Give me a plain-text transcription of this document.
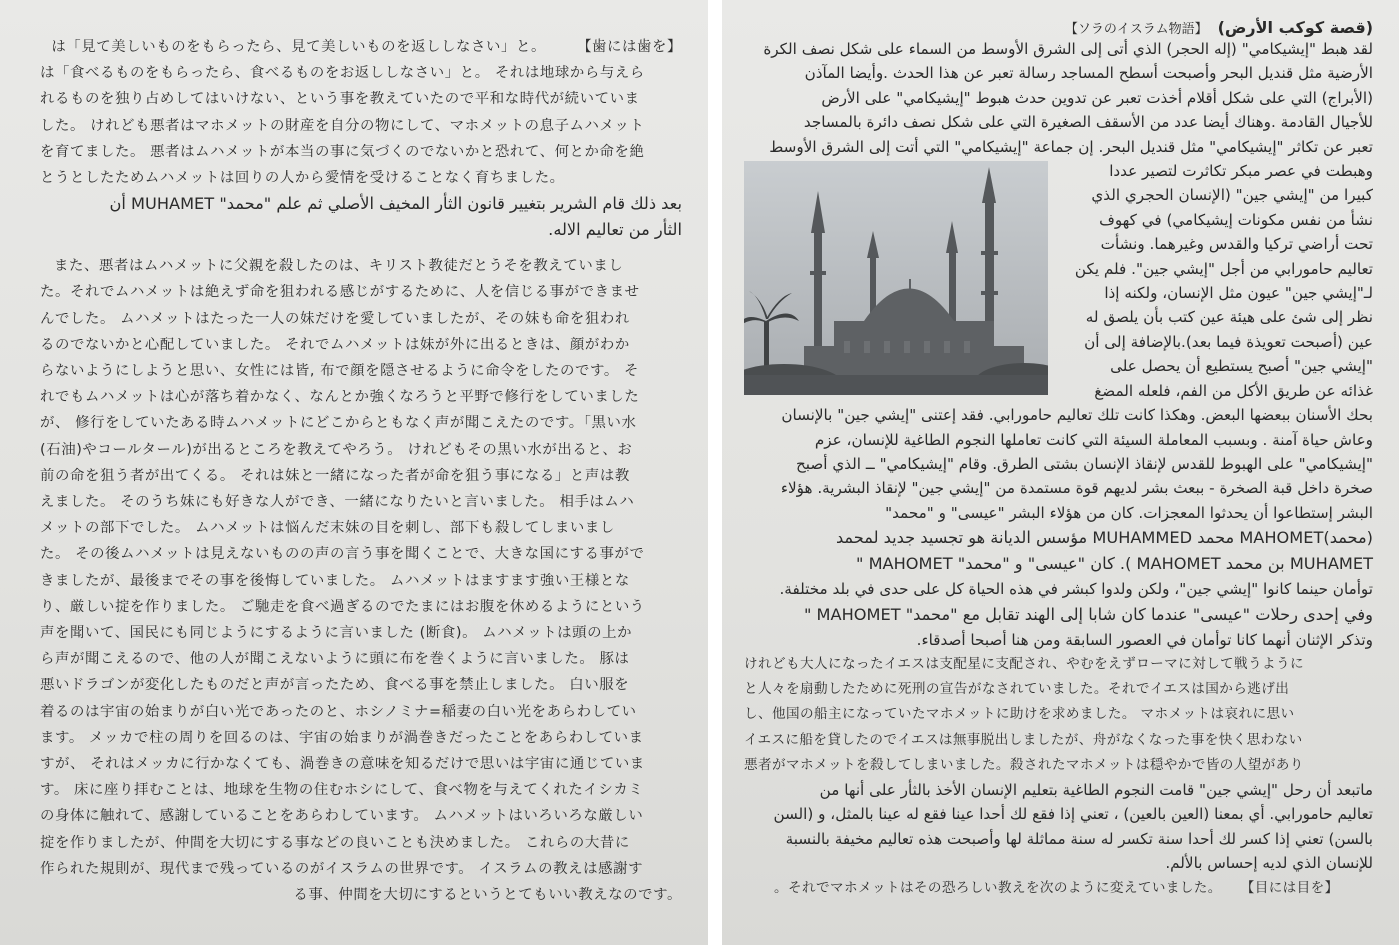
は「見て美しいものをもらったら、見て美しいものを返ししなさい」と。 【歯には歯を】
は「食べるものをもらったら、食べるものをお返ししなさい」と。 それは地球から与えら
れるものを独り占めしてはいけない、という事を教えていたので平和な時代が続いていま
した。 けれども悪者はマホメットの財産を自分の物にして、マホメットの息子ムハメット
を育てました。 悪者はムハメットが本当の事に気づくのでないかと恐れて、何とか命を絶
とうとしたためムハメットは回りの人から愛情を受けることなく育ちました。
بعد ذلك قام الشرير بتغيير قانون الثأر المخيف الأصلي ثم علم "محمد" MUHAMET أن
الثأر من تعاليم الاله.
また、悪者はムハメットに父親を殺したのは、キリスト教徒だとうそを教えていまし
た。それでムハメットは絶えず命を狙われる感じがするために、人を信じる事ができませ
んでした。 ムハメットはたった一人の妹だけを愛していましたが、その妹も命を狙われ
るのでないかと心配していました。 それでムハメットは妹が外に出るときは、顔がわか
らないようにしようと思い、女性には皆, 布で顔を隠させるように命令をしたのです。 そ
れでもムハメットは心が落ち着かなく、なんとか強くなろうと平野で修行をしていました
が、 修行をしていたある時ムハメットにどこからともなく声が聞こえたのです。「黒い水
(石油)やコールタール)が出るところを教えてやろう。 けれどもその黒い水が出ると、お
前の命を狙う者が出てくる。 それは妹と一緒になった者が命を狙う事になる」と声は教
えました。 そのうち妹にも好きな人ができ、一緒になりたいと言いました。 相手はムハ
メットの部下でした。 ムハメットは悩んだ末妹の目を刺し、部下も殺してしまいまし
た。 その後ムハメットは見えないものの声の言う事を聞くことで、大きな国にする事がで
きましたが、最後までその事を後悔していました。 ムハメットはますます強い王様とな
り、厳しい掟を作りました。 ご馳走を食べ過ぎるのでたまにはお腹を休めるようにという
声を聞いて、国民にも同じようにするように言いました (断食)。 ムハメットは頭の上か
ら声が聞こえるので、他の人が聞こえないように頭に布を巻くように言いました。 豚は
悪いドラゴンが変化したものだと声が言ったため、食べる事を禁止しました。 白い服を
着るのは宇宙の始まりが白い光であったのと、ホシノミナ=稲妻の白い光をあらわしてい
ます。 メッカで柱の周りを回るのは、宇宙の始まりが渦巻きだったことをあらわしていま
すが、 それはメッカに行かなくても、渦巻きの意味を知るだけで思いは宇宙に通じていま
す。 床に座り拝むことは、地球を生物の住むホシにして、食べ物を与えてくれたイシカミ
の身体に触れて、感謝していることをあらわしています。 ムハメットはいろいろな厳しい
掟を作りましたが、仲間を大切にする事などの良いことも決めました。 これらの大昔に
作られた規則が、現代まで残っているのがイスラムの世界です。 イスラムの教えは感謝す
る事、仲間を大切にするというとてもいい教えなのです。
(قصة كوكب الأرض)
【ソラのイスラム物語】
لقد هبط "إيشيكامي" (إله الحجر) الذي أتى إلى الشرق الأوسط من السماء على شكل نصف الكرة
الأرضية مثل قنديل البحر وأصبحت أسطح المساجد رسالة تعبر عن هذا الحدث .وأيضا المآذن
(الأبراج) التي على شكل أقلام أخذت تعبر عن تدوين حدث هبوط "إيشيكامي" على الأرض
للأجيال القادمة .وهناك أيضا عدد من الأسقف الصغيرة التي على شكل نصف دائرة بالمساجد
تعبر عن تكاثر "إيشيكامي" مثل قنديل البحر. إن جماعة "إيشيكامي" التي أتت إلى الشرق الأوسط
وهبطت في عصر مبكر تكاثرت لتصير عددا
كبيرا من "إيشي جين" (الإنسان الحجري الذي
نشأ من نفس مكونات إيشيكامي) في كهوف
تحت أراضي تركيا والقدس وغيرهما. ونشأت
تعاليم حامورابي من أجل "إيشي جين". فلم يكن
لـ"إيشي جين" عيون مثل الإنسان، ولكنه إذا
نظر إلى شئ على هيئة عين كتب بأن يلصق له
عين (أصبحت تعويذة فيما بعد).بالإضافة إلى أن
"إيشي جين" أصبح يستطيع أن يحصل على
غذائه عن طريق الأكل من الفم، فلعله المضغ
بحك الأسنان ببعضها البعض. وهكذا كانت تلك تعاليم حامورابي. فقد إعتنى "إيشي جين" بالإنسان
وعاش حياة آمنة . وبسبب المعاملة السيئة التي كانت تعاملها النجوم الطاغية للإنسان، عزم
"إيشيكامي" على الهبوط للقدس لإنقاذ الإنسان بشتى الطرق. وقام "إيشيكامي" ــ الذي أصبح
صخرة داخل قبة الصخرة - ببعث بشر لديهم قوة مستمدة من "إيشي جين" لإنقاذ البشرية. هؤلاء
البشر إستطاعوا أن يحدثوا المعجزات. كان من هؤلاء البشر "عيسى" و "محمد"
(محمد)MAHOMET محمد MUHAMMED مؤسس الديانة هو تجسيد جديد لمحمد
MUHAMET بن محمد MAHOMET ). كان "عيسى" و "محمد" MAHOMET "
توأمان حينما كانوا "إيشي جين"، ولكن ولدوا كبشر في هذه الحياة كل على حدى في بلد مختلفة.
وفي إحدى رحلات "عيسى" عندما كان شابا إلى الهند تقابل مع "محمد" MAHOMET "
وتذكر الإثنان أنهما كانا توأمان في العصور السابقة ومن هنا أصبحا أصدقاء.
けれども大人になったイエスは支配星に支配され、やむをえずローマに対して戦うように
と人々を扇動したために死刑の宣告がなされていました。それでイエスは国から逃げ出
し、他国の船主になっていたマホメットに助けを求めました。 マホメットは哀れに思い
イエスに船を貸したのでイエスは無事脱出しましたが、舟がなくなった事を快く思わない
悪者がマホメットを殺してしまいました。殺されたマホメットは穏やかで皆の人望があり
ماتبعد أن رحل "إيشي جين" قامت النجوم الطاغية بتعليم الإنسان الأخذ بالثأر على أنها من
تعاليم حامورابي. أي بمعنا (العين بالعين) ، تعني إذا فقع لك أحدا عينا فقع له عينا بالمثل، و (السن
بالسن) تعني إذا كسر لك أحدا سنة تكسر له سنة مماثلة لها وأصبحت هذه تعاليم مخيفة بالنسبة
للإنسان الذي لديه إحساس بالألم.
。それでマホメットはその恐ろしい教えを次のように変えていました。 【目には目を】
